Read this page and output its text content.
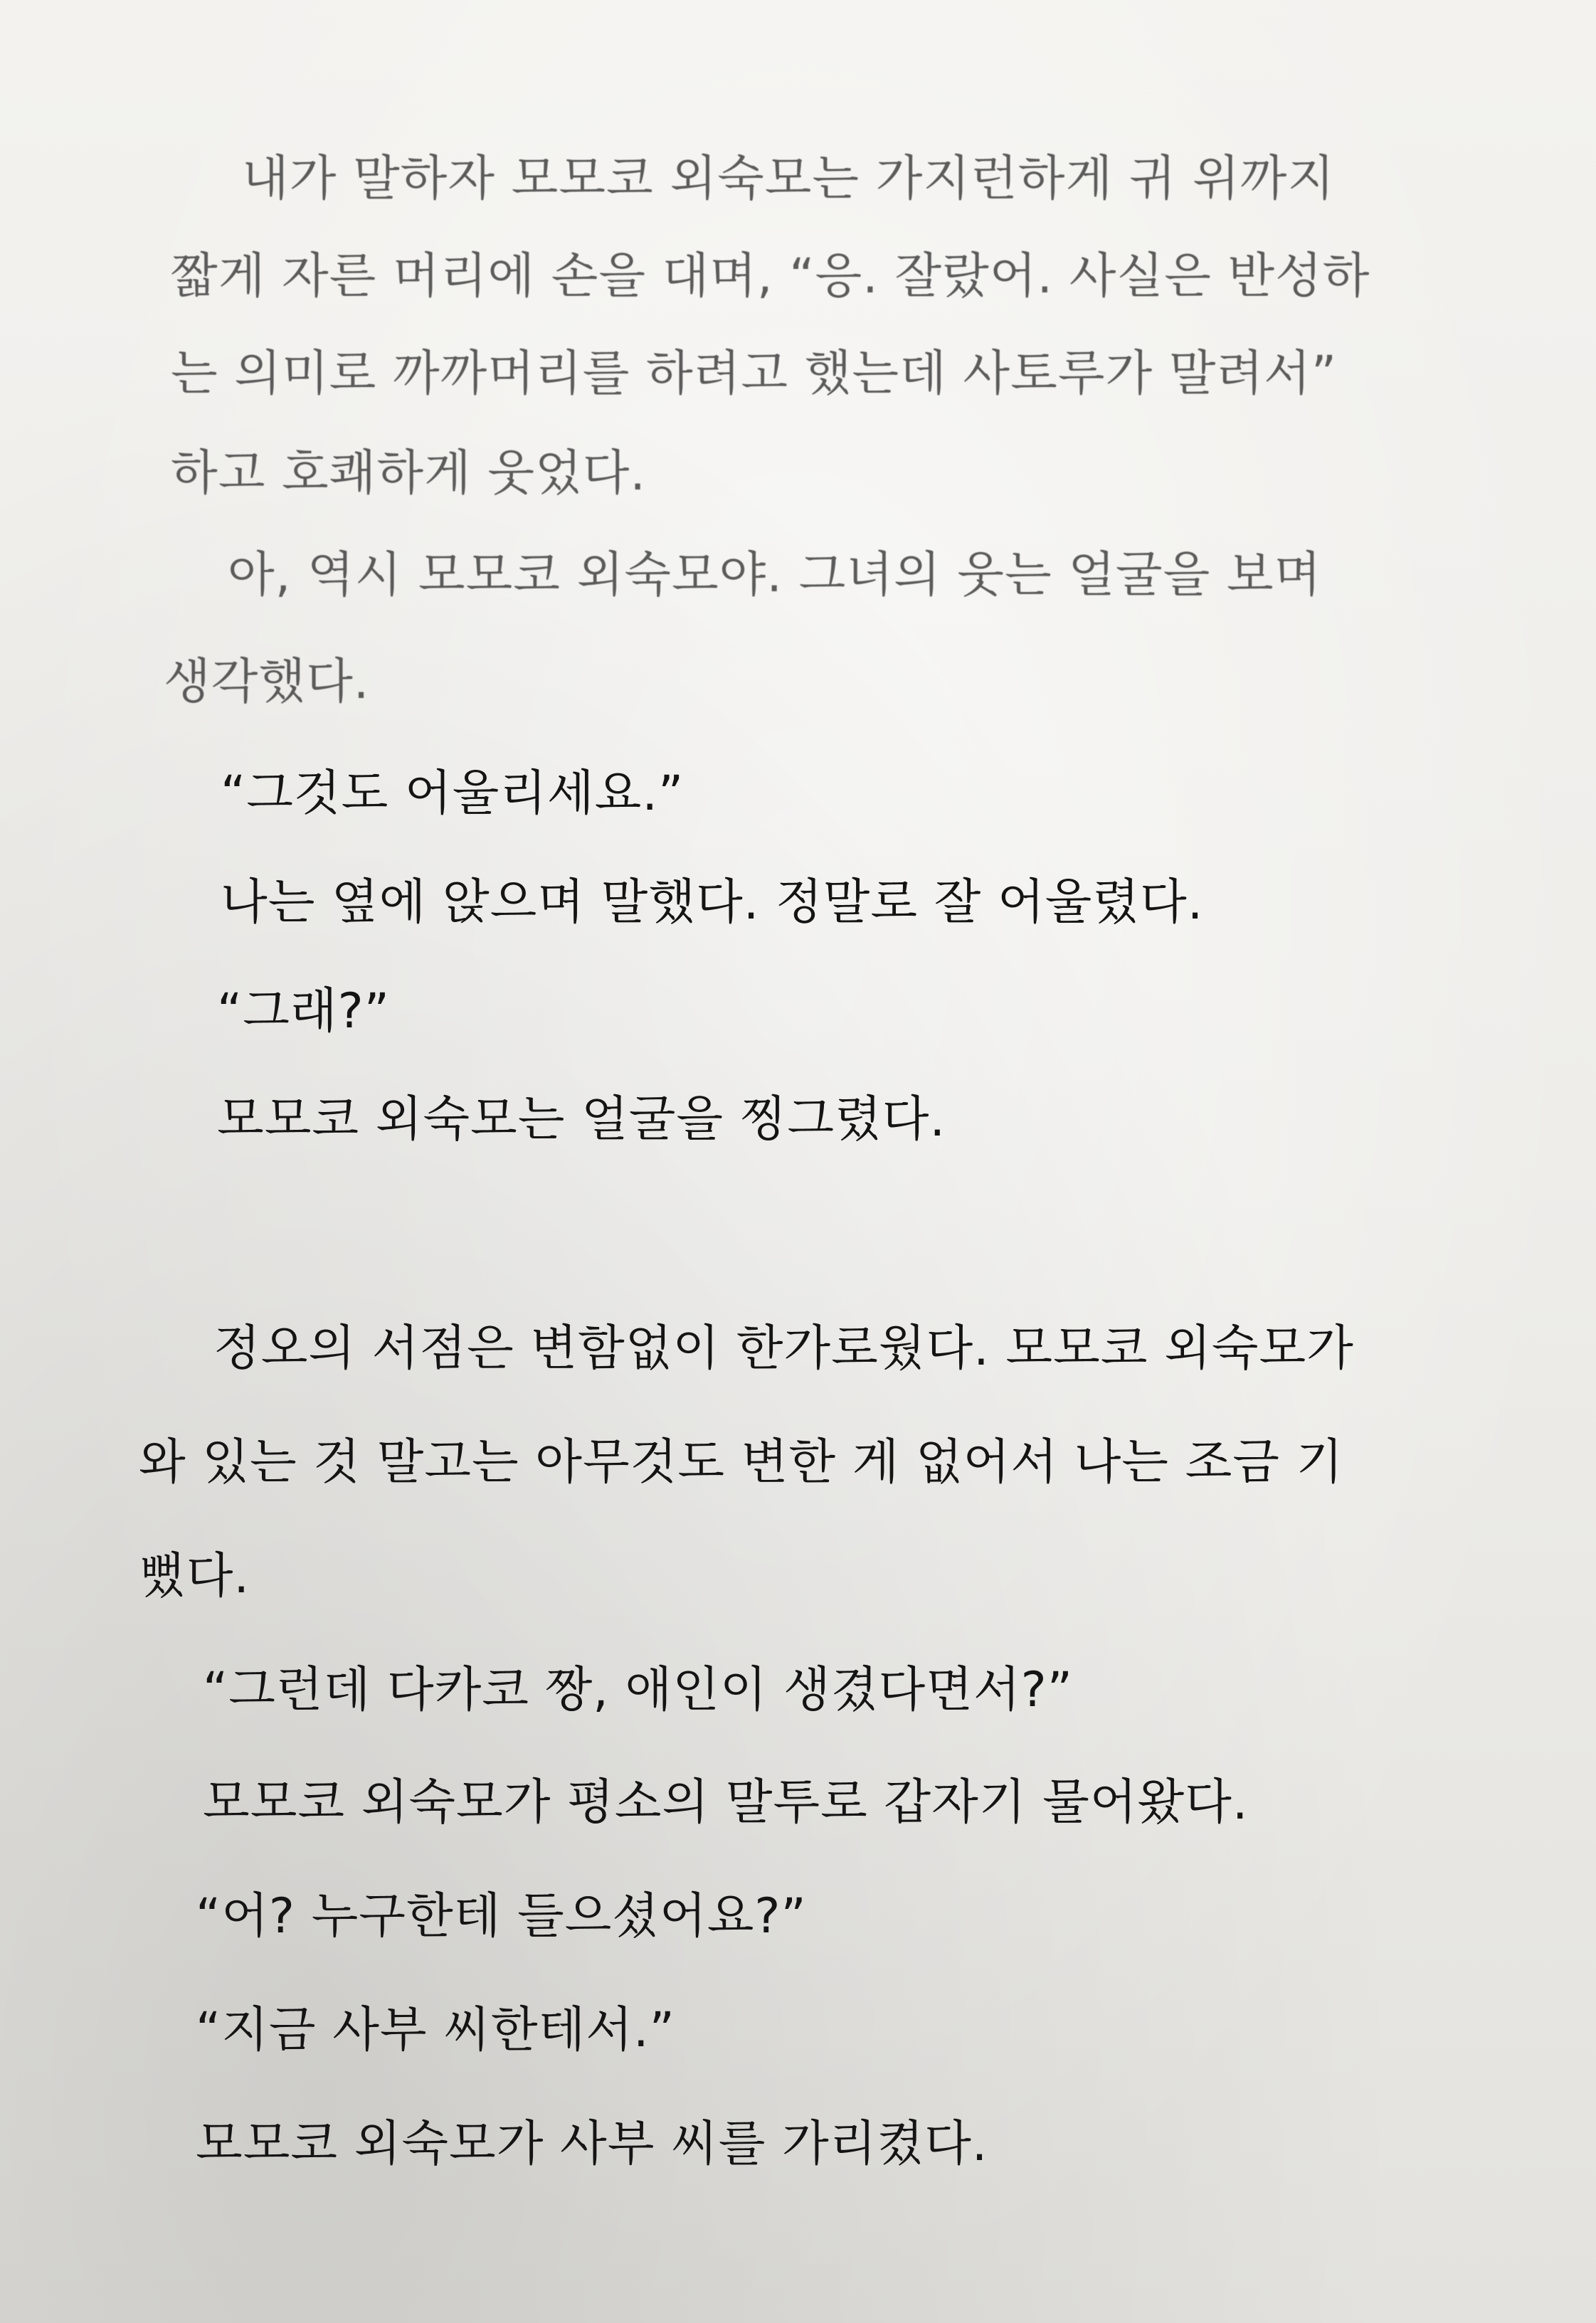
내가 말하자 모모코 외숙모는 가지런하게 귀 위까지
짧게 자른 머리에 손을 대며, “응. 잘랐어. 사실은 반성하
는 의미로 까까머리를 하려고 했는데 사토루가 말려서”
하고 호쾌하게 웃었다.
아, 역시 모모코 외숙모야. 그녀의 웃는 얼굴을 보며
생각했다.
“그것도 어울리세요.”
나는 옆에 앉으며 말했다. 정말로 잘 어울렸다.
“그래?”
모모코 외숙모는 얼굴을 찡그렸다.
정오의 서점은 변함없이 한가로웠다. 모모코 외숙모가
와 있는 것 말고는 아무것도 변한 게 없어서 나는 조금 기
뻤다.
“그런데 다카코 짱, 애인이 생겼다면서?”
모모코 외숙모가 평소의 말투로 갑자기 물어왔다.
“어? 누구한테 들으셨어요?”
“지금 사부 씨한테서.”
모모코 외숙모가 사부 씨를 가리켰다.
